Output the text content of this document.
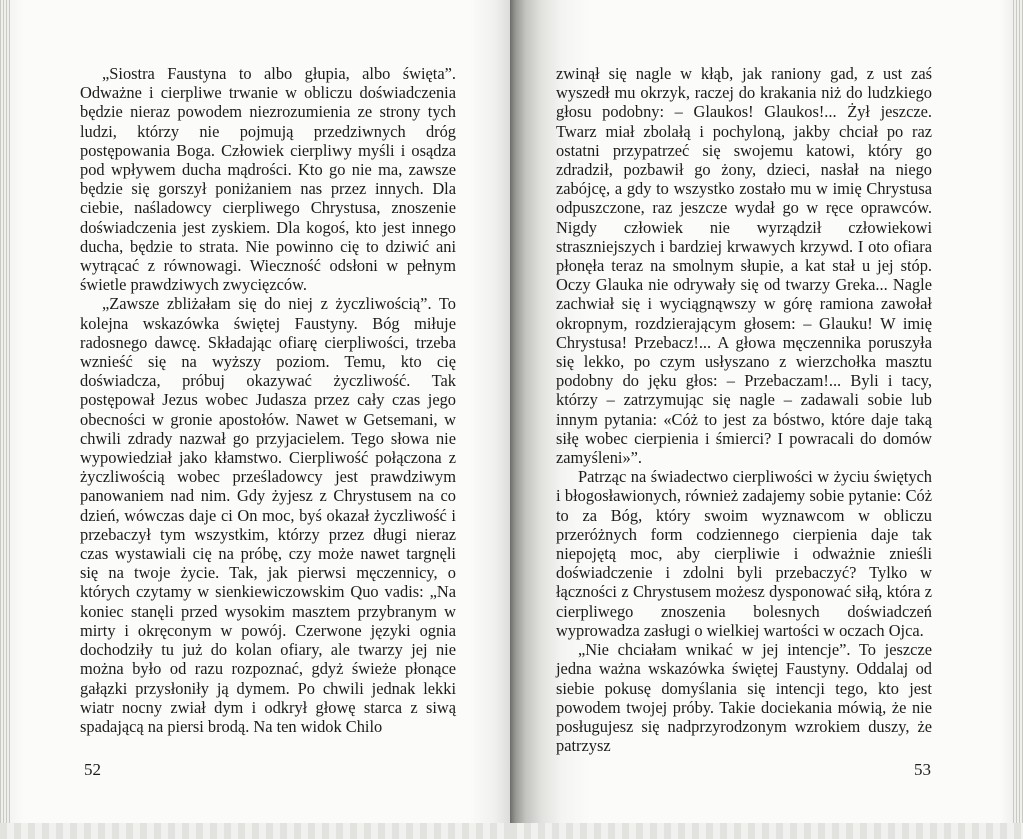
„Siostra Faustyna to albo głupia, albo święta”. Odważne i cierpliwe trwanie w obliczu doświadczenia będzie nieraz powodem niezrozumienia ze strony tych ludzi, którzy nie pojmują przedziwnych dróg postępowania Boga. Człowiek cierpliwy myśli i osądza pod wpływem ducha mądrości. Kto go nie ma, zawsze będzie się gorszył poniżaniem nas przez innych. Dla ciebie, naśladowcy cierpliwego Chrystusa, znoszenie doświadczenia jest zyskiem. Dla kogoś, kto jest innego ducha, będzie to strata. Nie powinno cię to dziwić ani wytrącać z równowagi. Wieczność odsłoni w pełnym świetle prawdziwych zwycięzców.

„Zawsze zbliżałam się do niej z życzliwością”. To kolejna wskazówka świętej Faustyny. Bóg miłuje radosnego dawcę. Składając ofiarę cierpliwości, trzeba wznieść się na wyższy poziom. Temu, kto cię doświadcza, próbuj okazywać życzliwość. Tak postępował Jezus wobec Judasza przez cały czas jego obecności w gronie apostołów. Nawet w Getsemani, w chwili zdrady nazwał go przyjacielem. Tego słowa nie wypowiedział jako kłamstwo. Cierpliwość połączona z życzliwością wobec prześladowcy jest prawdziwym panowaniem nad nim. Gdy żyjesz z Chrystusem na co dzień, wówczas daje ci On moc, byś okazał życzliwość i przebaczył tym wszystkim, którzy przez długi nieraz czas wystawiali cię na próbę, czy może nawet targnęli się na twoje życie. Tak, jak pierwsi męczennicy, o których czytamy w sienkiewiczowskim Quo vadis: „Na koniec stanęli przed wysokim masztem przybranym w mirty i okręconym w powój. Czerwone języki ognia dochodziły tu już do kolan ofiary, ale twarzy jej nie można było od razu rozpoznać, gdyż świeże płonące gałązki przysłoniły ją dymem. Po chwili jednak lekki wiatr nocny zwiał dym i odkrył głowę starca z siwą spadającą na piersi brodą. Na ten widok Chilo

52

zwinął się nagle w kłąb, jak raniony gad, z ust zaś wyszedł mu okrzyk, raczej do krakania niż do ludzkiego głosu podobny: – Glaukos! Glaukos!... Żył jeszcze. Twarz miał zbolałą i pochyloną, jakby chciał po raz ostatni przypatrzeć się swojemu katowi, który go zdradził, pozbawił go żony, dzieci, nasłał na niego zabójcę, a gdy to wszystko zostało mu w imię Chrystusa odpuszczone, raz jeszcze wydał go w ręce oprawców. Nigdy człowiek nie wyrządził człowiekowi straszniejszych i bardziej krwawych krzywd. I oto ofiara płonęła teraz na smolnym słupie, a kat stał u jej stóp. Oczy Glauka nie odrywały się od twarzy Greka... Nagle zachwiał się i wyciągnąwszy w górę ramiona zawołał okropnym, rozdzierającym głosem: – Glauku! W imię Chrystusa! Przebacz!... A głowa męczennika poruszyła się lekko, po czym usłyszano z wierzchołka masztu podobny do jęku głos: – Przebaczam!... Byli i tacy, którzy – zatrzymując się nagle – zadawali sobie lub innym pytania: «Cóż to jest za bóstwo, które daje taką siłę wobec cierpienia i śmierci? I powracali do domów zamyśleni»”.

Patrząc na świadectwo cierpliwości w życiu świętych i błogosławionych, również zadajemy sobie pytanie: Cóż to za Bóg, który swoim wyznawcom w obliczu przeróżnych form codziennego cierpienia daje tak niepojętą moc, aby cierpliwie i odważnie znieśli doświadczenie i zdolni byli przebaczyć? Tylko w łączności z Chrystusem możesz dysponować siłą, która z cierpliwego znoszenia bolesnych doświadczeń wyprowadza zasługi o wielkiej wartości w oczach Ojca.

„Nie chciałam wnikać w jej intencje”. To jeszcze jedna ważna wskazówka świętej Faustyny. Oddalaj od siebie pokusę domyślania się intencji tego, kto jest powodem twojej próby. Takie dociekania mówią, że nie posługujesz się nadprzyrodzonym wzrokiem duszy, że patrzysz

53
